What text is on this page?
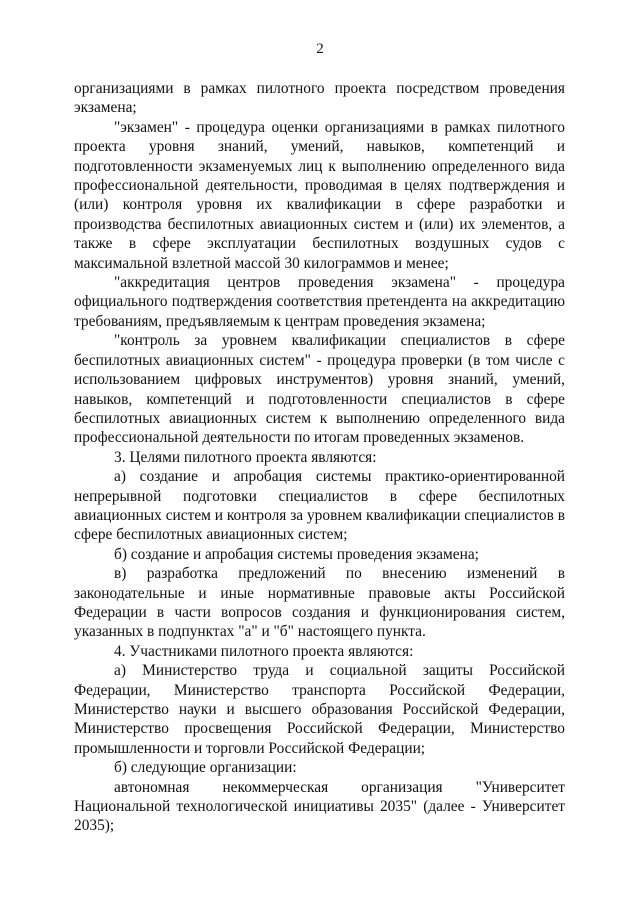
2

организациями в рамках пилотного проекта посредством проведения экзамена;

"экзамен" - процедура оценки организациями в рамках пилотного проекта уровня знаний, умений, навыков, компетенций и подготовленности экзаменуемых лиц к выполнению определенного вида профессиональной деятельности, проводимая в целях подтверждения и (или) контроля уровня их квалификации в сфере разработки и производства беспилотных авиационных систем и (или) их элементов, а также в сфере эксплуатации беспилотных воздушных судов с максимальной взлетной массой 30 килограммов и менее;

"аккредитация центров проведения экзамена" - процедура официального подтверждения соответствия претендента на аккредитацию требованиям, предъявляемым к центрам проведения экзамена;

"контроль за уровнем квалификации специалистов в сфере беспилотных авиационных систем" - процедура проверки (в том числе с использованием цифровых инструментов) уровня знаний, умений, навыков, компетенций и подготовленности специалистов в сфере беспилотных авиационных систем к выполнению определенного вида профессиональной деятельности по итогам проведенных экзаменов.

3. Целями пилотного проекта являются:

а) создание и апробация системы практико-ориентированной непрерывной подготовки специалистов в сфере беспилотных авиационных систем и контроля за уровнем квалификации специалистов в сфере беспилотных авиационных систем;

б) создание и апробация системы проведения экзамена;

в) разработка предложений по внесению изменений в законодательные и иные нормативные правовые акты Российской Федерации в части вопросов создания и функционирования систем, указанных в подпунктах "а" и "б" настоящего пункта.

4. Участниками пилотного проекта являются:

а) Министерство труда и социальной защиты Российской Федерации, Министерство транспорта Российской Федерации, Министерство науки и высшего образования Российской Федерации, Министерство просвещения Российской Федерации, Министерство промышленности и торговли Российской Федерации;

б) следующие организации:

автономная некоммерческая организация "Университет Национальной технологической инициативы 2035" (далее - Университет 2035);
